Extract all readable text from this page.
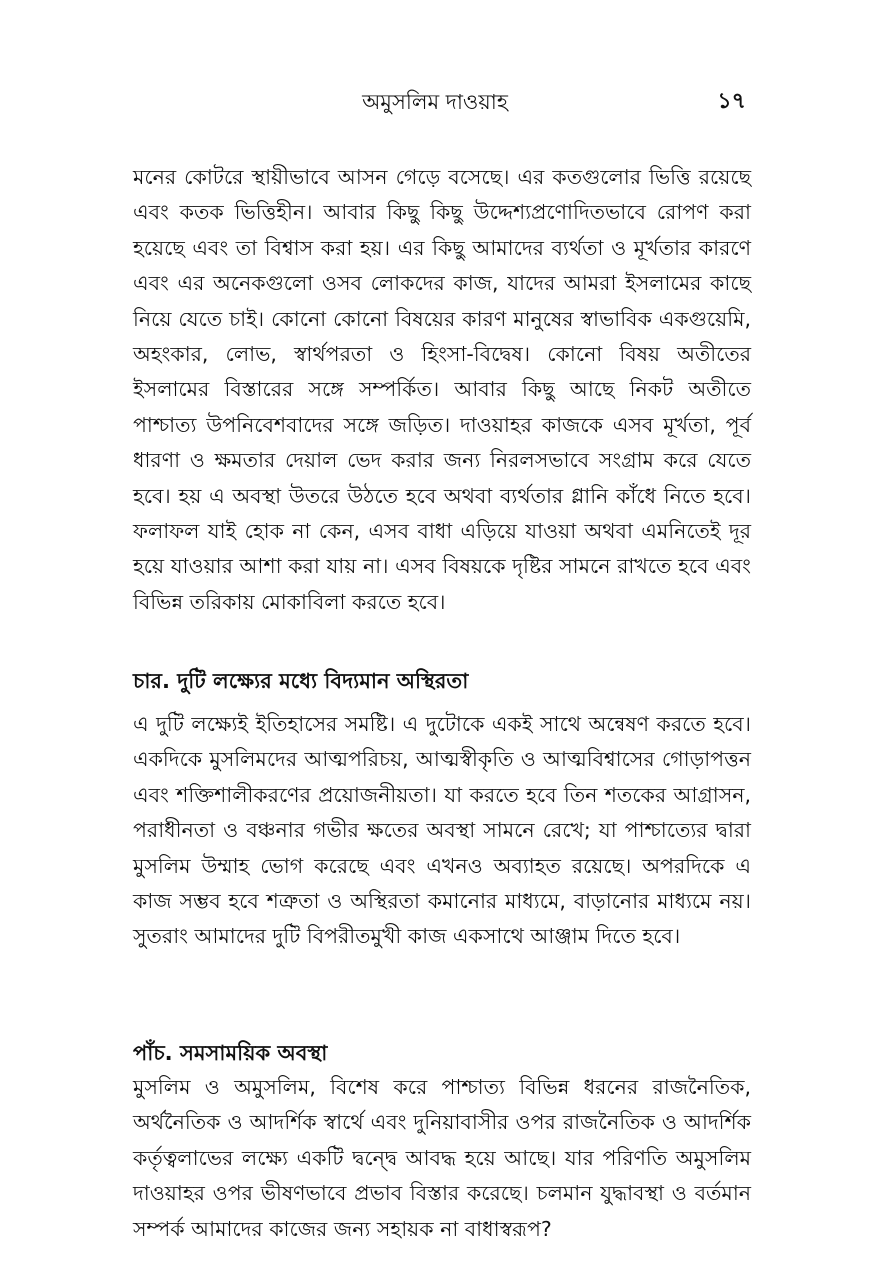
অমুসলিম দাওয়াহ	১৭

মনের কোটরে স্থায়ীভাবে আসন গেড়ে বসেছে। এর কতগুলোর ভিত্তি রয়েছে এবং কতক ভিত্তিহীন। আবার কিছু কিছু উদ্দেশ্যপ্রণোদিতভাবে রোপণ করা হয়েছে এবং তা বিশ্বাস করা হয়। এর কিছু আমাদের ব্যর্থতা ও মূর্খতার কারণে এবং এর অনেকগুলো ওসব লোকদের কাজ, যাদের আমরা ইসলামের কাছে নিয়ে যেতে চাই। কোনো কোনো বিষয়ের কারণ মানুষের স্বাভাবিক একগুয়েমি, অহংকার, লোভ, স্বার্থপরতা ও হিংসা-বিদ্বেষ। কোনো বিষয় অতীতের ইসলামের বিস্তারের সঙ্গে সম্পর্কিত। আবার কিছু আছে নিকট অতীতে পাশ্চাত্য উপনিবেশবাদের সঙ্গে জড়িত। দাওয়াহর কাজকে এসব মূর্খতা, পূর্ব ধারণা ও ক্ষমতার দেয়াল ভেদ করার জন্য নিরলসভাবে সংগ্রাম করে যেতে হবে। হয় এ অবস্থা উতরে উঠতে হবে অথবা ব্যর্থতার গ্লানি কাঁধে নিতে হবে। ফলাফল যাই হোক না কেন, এসব বাধা এড়িয়ে যাওয়া অথবা এমনিতেই দূর হয়ে যাওয়ার আশা করা যায় না। এসব বিষয়কে দৃষ্টির সামনে রাখতে হবে এবং বিভিন্ন তরিকায় মোকাবিলা করতে হবে।

চার. দুটি লক্ষ্যের মধ্যে বিদ্যমান অস্থিরতা

এ দুটি লক্ষ্যেই ইতিহাসের সমষ্টি। এ দুটোকে একই সাথে অন্বেষণ করতে হবে। একদিকে মুসলিমদের আত্মপরিচয়, আত্মস্বীকৃতি ও আত্মবিশ্বাসের গোড়াপত্তন এবং শক্তিশালীকরণের প্রয়োজনীয়তা। যা করতে হবে তিন শতকের আগ্রাসন, পরাধীনতা ও বঞ্চনার গভীর ক্ষতের অবস্থা সামনে রেখে; যা পাশ্চাত্যের দ্বারা মুসলিম উম্মাহ ভোগ করেছে এবং এখনও অব্যাহত রয়েছে। অপরদিকে এ কাজ সম্ভব হবে শত্রুতা ও অস্থিরতা কমানোর মাধ্যমে, বাড়ানোর মাধ্যমে নয়। সুতরাং আমাদের দুটি বিপরীতমুখী কাজ একসাথে আঞ্জাম দিতে হবে।

পাঁচ. সমসাময়িক অবস্থা

মুসলিম ও অমুসলিম, বিশেষ করে পাশ্চাত্য বিভিন্ন ধরনের রাজনৈতিক, অর্থনৈতিক ও আদর্শিক স্বার্থে এবং দুনিয়াবাসীর ওপর রাজনৈতিক ও আদর্শিক কর্তৃত্বলাভের লক্ষ্যে একটি দ্বন্দ্বে আবদ্ধ হয়ে আছে। যার পরিণতি অমুসলিম দাওয়াহর ওপর ভীষণভাবে প্রভাব বিস্তার করেছে। চলমান যুদ্ধাবস্থা ও বর্তমান সম্পর্ক আমাদের কাজের জন্য সহায়ক না বাধাস্বরূপ?
